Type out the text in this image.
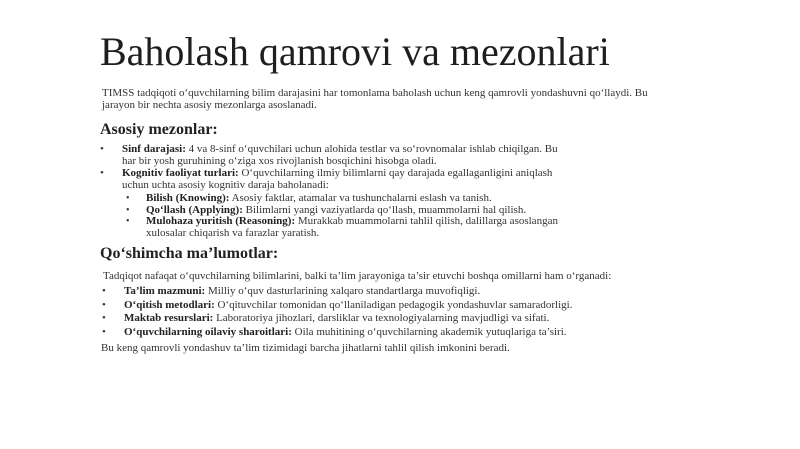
Baholash qamrovi va mezonlari

TIMSS tadqiqoti o‘quvchilarning bilim darajasini har tomonlama baholash uchun keng qamrovli yondashuvni qo‘llaydi. Bu jarayon bir nechta asosiy mezonlarga asoslanadi.

Asosiy mezonlar:
• Sinf darajasi: 4 va 8-sinf o‘quvchilari uchun alohida testlar va so‘rovnomalar ishlab chiqilgan. Bu har bir yosh guruhining o‘ziga xos rivojlanish bosqichini hisobga oladi.
• Kognitiv faoliyat turlari: O‘quvchilarning ilmiy bilimlarni qay darajada egallaganligini aniqlash uchun uchta asosiy kognitiv daraja baholanadi:
• Bilish (Knowing): Asosiy faktlar, atamalar va tushunchalarni eslash va tanish.
• Qo‘llash (Applying): Bilimlarni yangi vaziyatlarda qo‘llash, muammolarni hal qilish.
• Mulohaza yuritish (Reasoning): Murakkab muammolarni tahlil qilish, dalillarga asoslangan xulosalar chiqarish va farazlar yaratish.
Qo‘shimcha ma’lumotlar:

Tadqiqot nafaqat o‘quvchilarning bilimlarini, balki ta’lim jarayoniga ta’sir etuvchi boshqa omillarni ham o‘rganadi:

• Ta’lim mazmuni: Milliy o‘quv dasturlarining xalqaro standartlarga muvofiqligi.
• O‘qitish metodlari: O‘qituvchilar tomonidan qo‘llaniladigan pedagogik yondashuvlar samaradorligi.
• Maktab resurslari: Laboratoriya jihozlari, darsliklar va texnologiyalarning mavjudligi va sifati.
• O‘quvchilarning oilaviy sharoitlari: Oila muhitining o‘quvchilarning akademik yutuqlariga ta’siri.

Bu keng qamrovli yondashuv ta’lim tizimidagi barcha jihatlarni tahlil qilish imkonini beradi.
